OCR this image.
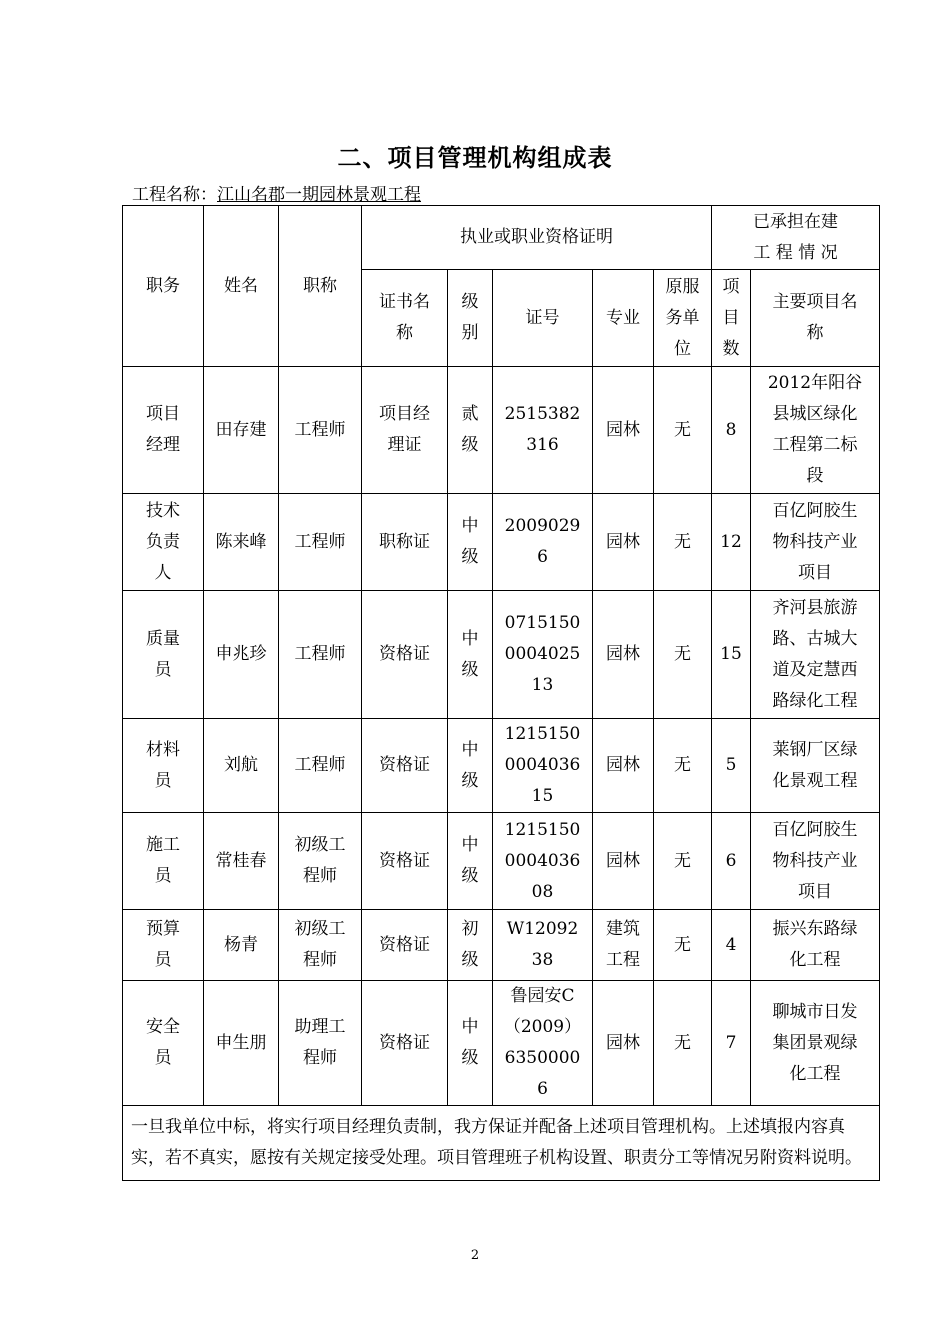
二、项目管理机构组成表
工程名称：江山名郡一期园林景观工程
职务	姓名	职称	执业或职业资格证明					已承担在建
工 程 情 况	
			证书名称	级别	证号	专业	原服务单位	项目数	主要项目名称
项目经理	田存建	工程师	项目经理证	贰级	2515382316	园林	无	8	2012年阳谷县城区绿化工程第二标段
技术负责人	陈来峰	工程师	职称证	中级	20090296	园林	无	12	百亿阿胶生物科技产业项目
质量员	申兆珍	工程师	资格证	中级	0715150000402513	园林	无	15	齐河县旅游路、古城大道及定慧西路绿化工程
材料员	刘航	工程师	资格证	中级	1215150000403615	园林	无	5	莱钢厂区绿化景观工程
施工员	常桂春	初级工程师	资格证	中级	1215150000403608	园林	无	6	百亿阿胶生物科技产业项目
预算员	杨青	初级工程师	资格证	初级	W1209238	建筑工程	无	4	振兴东路绿化工程
安全员	申生朋	助理工程师	资格证	中级	鲁园安C（2009）63500006	园林	无	7	聊城市日发集团景观绿化工程
一旦我单位中标，将实行项目经理负责制，我方保证并配备上述项目管理机构。上述填报内容真实，若不真实，愿按有关规定接受处理。项目管理班子机构设置、职责分工等情况另附资料说明。									
2
